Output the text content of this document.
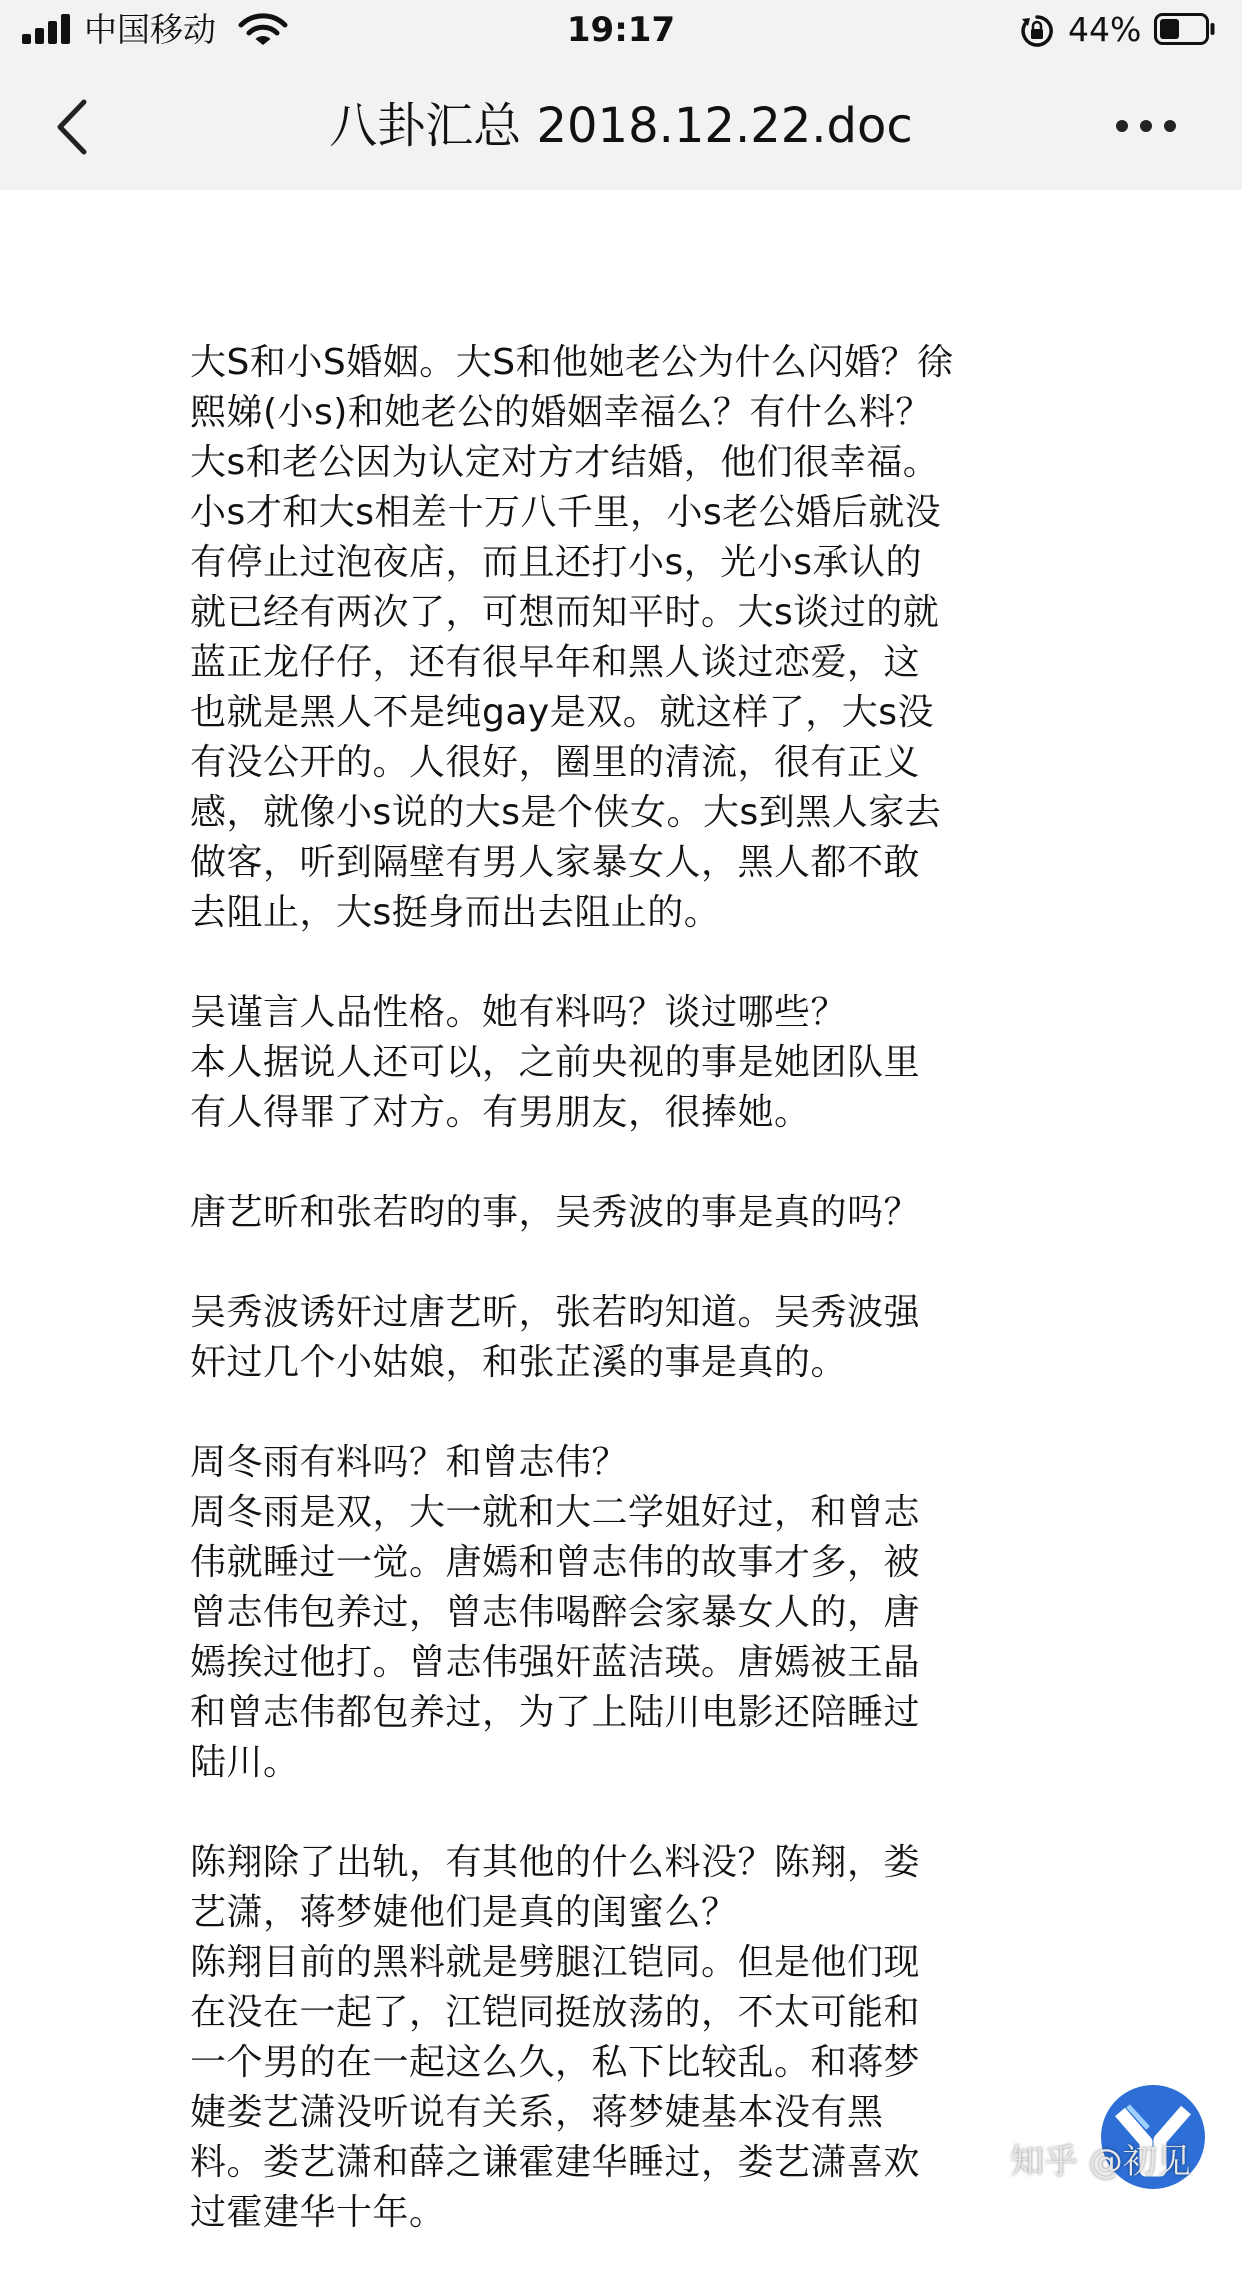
中国移动	19:17	44%
八卦汇总 2018.12.22.doc
大S和小S婚姻。大S和他她老公为什么闪婚？徐
熙娣(小s)和她老公的婚姻幸福么？有什么料？
大s和老公因为认定对方才结婚，他们很幸福。
小s才和大s相差十万八千里，小s老公婚后就没
有停止过泡夜店，而且还打小s，光小s承认的
就已经有两次了，可想而知平时。大s谈过的就
蓝正龙仔仔，还有很早年和黑人谈过恋爱，这
也就是黑人不是纯gay是双。就这样了，大s没
有没公开的。人很好，圈里的清流，很有正义
感，就像小s说的大s是个侠女。大s到黑人家去
做客，听到隔壁有男人家暴女人，黑人都不敢
去阻止，大s挺身而出去阻止的。
吴谨言人品性格。她有料吗？谈过哪些？
本人据说人还可以，之前央视的事是她团队里
有人得罪了对方。有男朋友，很捧她。
唐艺昕和张若昀的事，吴秀波的事是真的吗？
吴秀波诱奸过唐艺昕，张若昀知道。吴秀波强
奸过几个小姑娘，和张芷溪的事是真的。
周冬雨有料吗？和曾志伟？
周冬雨是双，大一就和大二学姐好过，和曾志
伟就睡过一觉。唐嫣和曾志伟的故事才多，被
曾志伟包养过，曾志伟喝醉会家暴女人的，唐
嫣挨过他打。曾志伟强奸蓝洁瑛。唐嫣被王晶
和曾志伟都包养过，为了上陆川电影还陪睡过
陆川。
陈翔除了出轨，有其他的什么料没？陈翔，娄
艺潇，蒋梦婕他们是真的闺蜜么？
陈翔目前的黑料就是劈腿江铠同。但是他们现
在没在一起了，江铠同挺放荡的，不太可能和
一个男的在一起这么久，私下比较乱。和蒋梦
婕娄艺潇没听说有关系，蒋梦婕基本没有黑
料。娄艺潇和薛之谦霍建华睡过，娄艺潇喜欢
过霍建华十年。
知乎 @初见
